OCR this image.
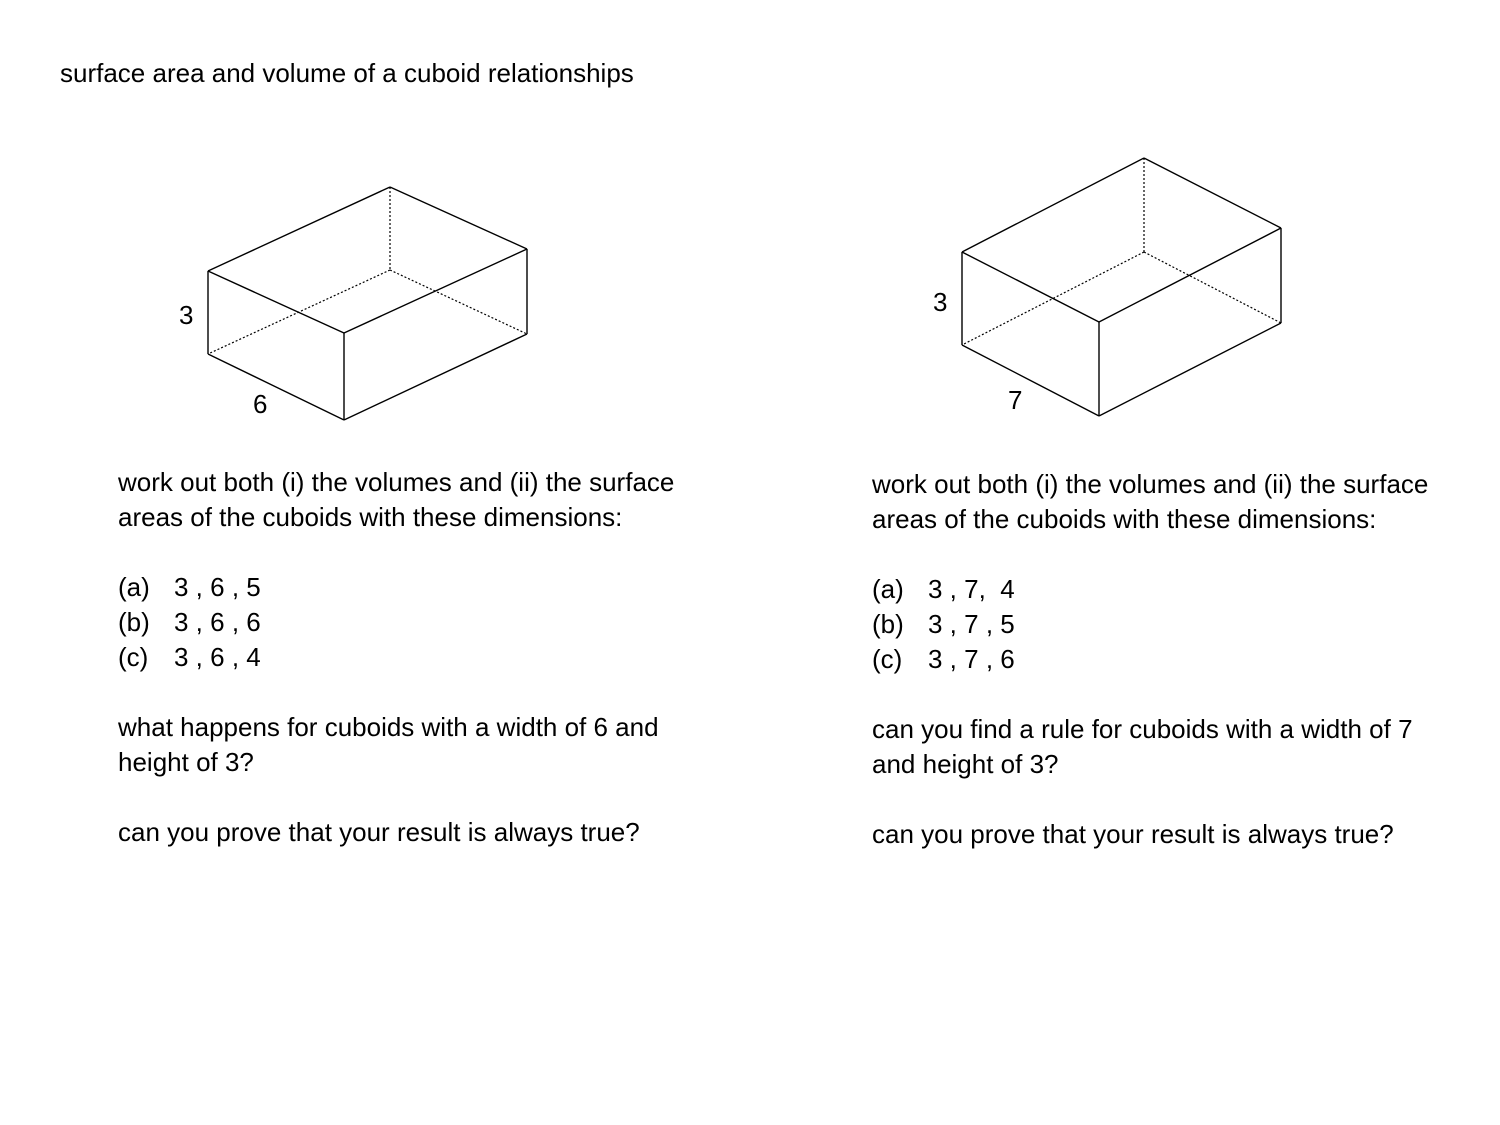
surface area and volume of a cuboid relationships
3
6
3
7

work out both (i) the volumes and (ii) the surface areas of the cuboids with these dimensions:

(a) 3 , 6 , 5
(b) 3 , 6 , 6
(c) 3 , 6 , 4

what happens for cuboids with a width of 6 and height of 3?

can you prove that your result is always true?

work out both (i) the volumes and (ii) the surface areas of the cuboids with these dimensions:

(a) 3 , 7,  4
(b) 3 , 7 , 5
(c) 3 , 7 , 6

can you find a rule for cuboids with a width of 7 and height of 3?

can you prove that your result is always true?
